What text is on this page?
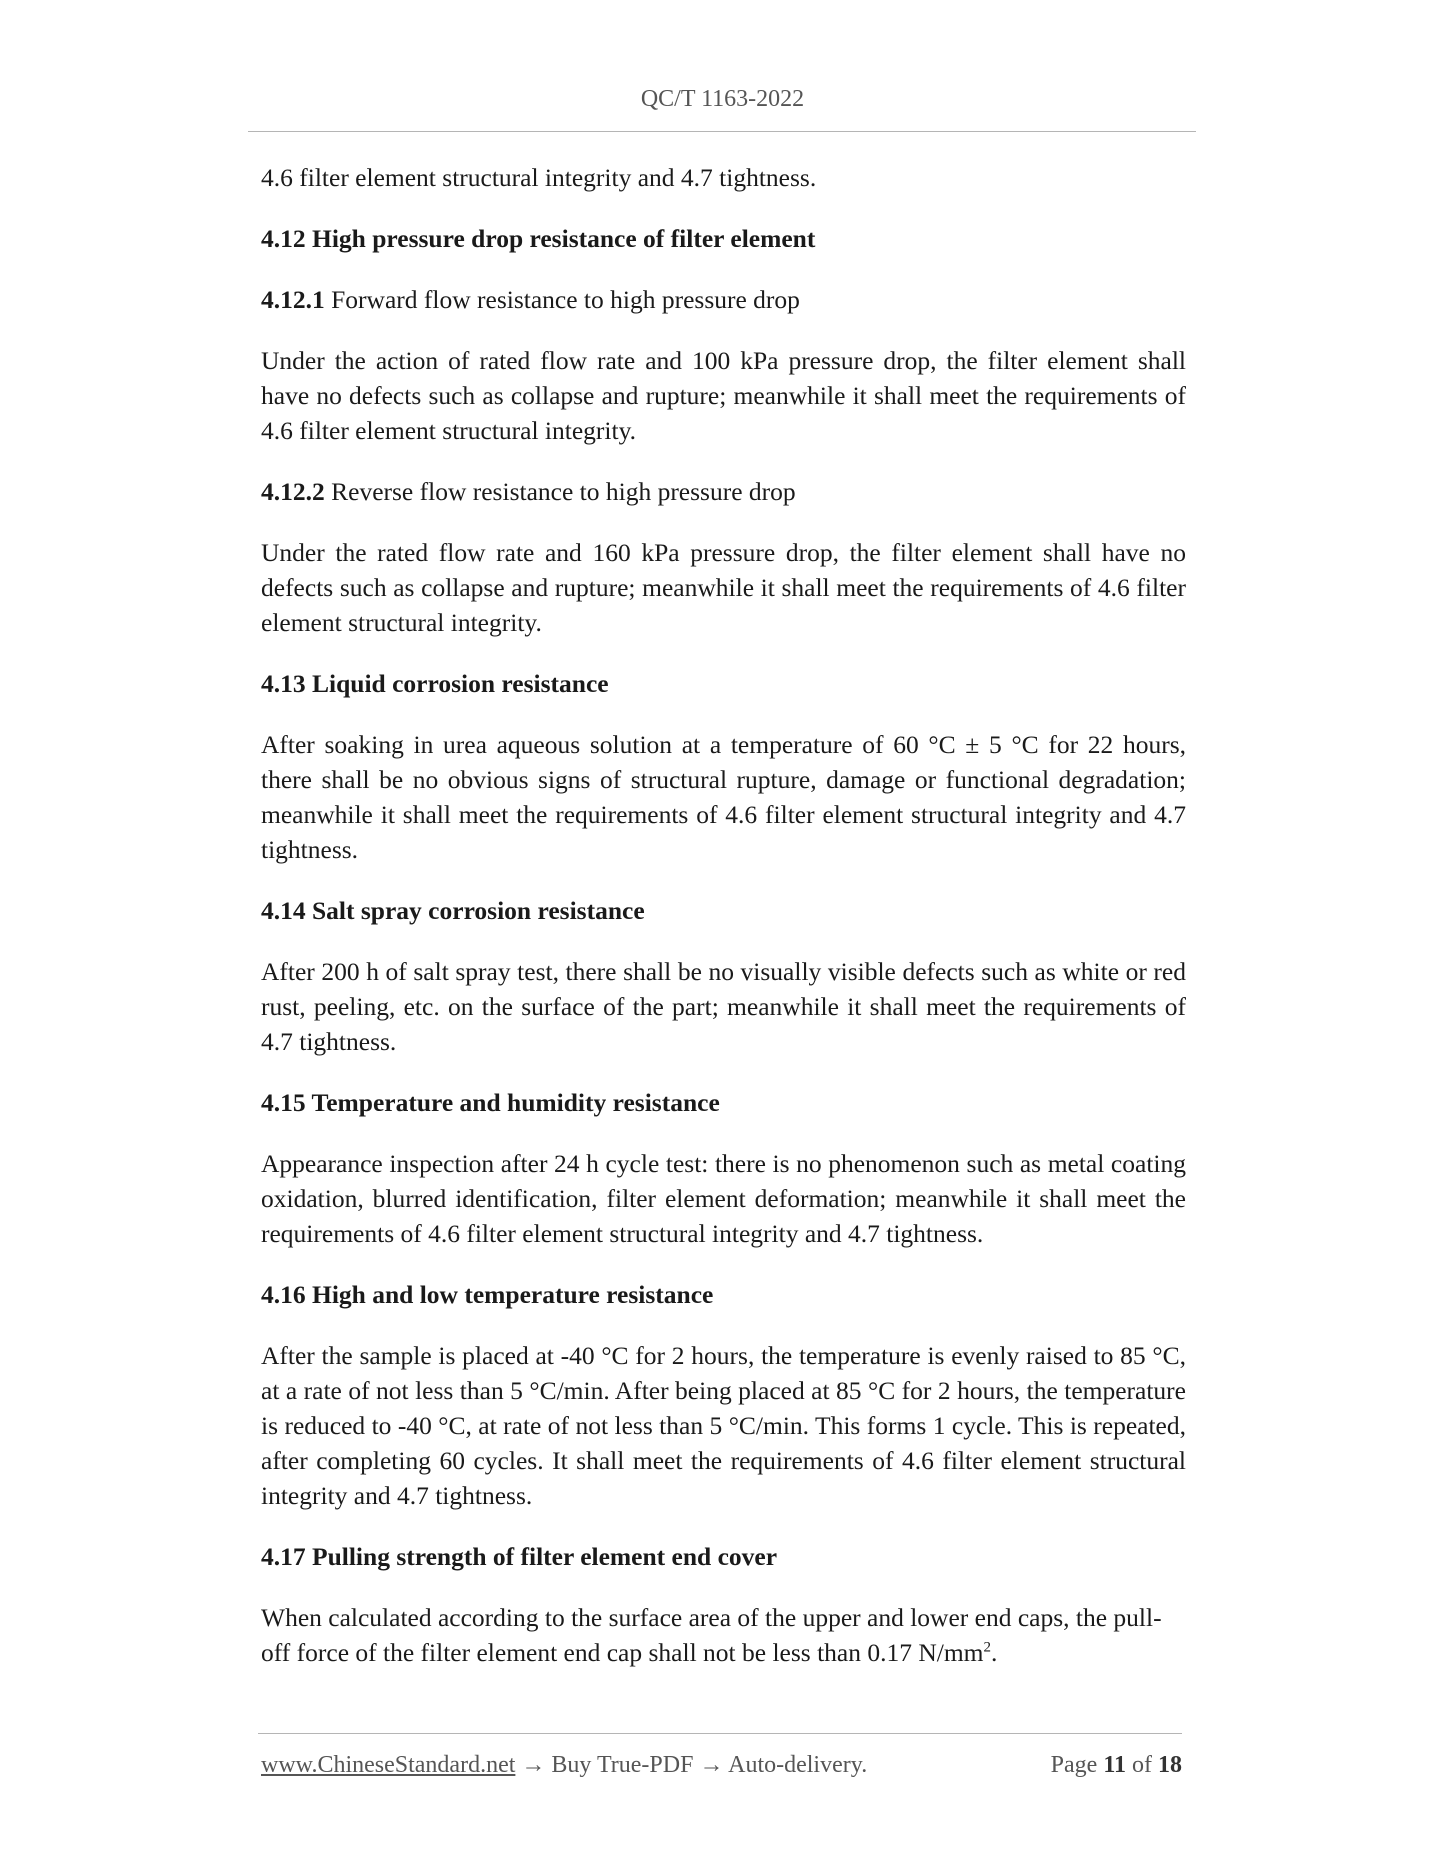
QC/T 1163-2022

4.6 filter element structural integrity and 4.7 tightness.

4.12 High pressure drop resistance of filter element

4.12.1 Forward flow resistance to high pressure drop

Under the action of rated flow rate and 100 kPa pressure drop, the filter element shall have no defects such as collapse and rupture; meanwhile it shall meet the requirements of 4.6 filter element structural integrity.

4.12.2 Reverse flow resistance to high pressure drop

Under the rated flow rate and 160 kPa pressure drop, the filter element shall have no defects such as collapse and rupture; meanwhile it shall meet the requirements of 4.6 filter element structural integrity.

4.13 Liquid corrosion resistance

After soaking in urea aqueous solution at a temperature of 60 °C ± 5 °C for 22 hours, there shall be no obvious signs of structural rupture, damage or functional degradation; meanwhile it shall meet the requirements of 4.6 filter element structural integrity and 4.7 tightness.

4.14 Salt spray corrosion resistance

After 200 h of salt spray test, there shall be no visually visible defects such as white or red rust, peeling, etc. on the surface of the part; meanwhile it shall meet the requirements of 4.7 tightness.

4.15 Temperature and humidity resistance

Appearance inspection after 24 h cycle test: there is no phenomenon such as metal coating oxidation, blurred identification, filter element deformation; meanwhile it shall meet the requirements of 4.6 filter element structural integrity and 4.7 tightness.

4.16 High and low temperature resistance

After the sample is placed at -40 °C for 2 hours, the temperature is evenly raised to 85 °C, at a rate of not less than 5 °C/min. After being placed at 85 °C for 2 hours, the temperature is reduced to -40 °C, at rate of not less than 5 °C/min. This forms 1 cycle. This is repeated, after completing 60 cycles. It shall meet the requirements of 4.6 filter element structural integrity and 4.7 tightness.

4.17 Pulling strength of filter element end cover

When calculated according to the surface area of the upper and lower end caps, the pull-off force of the filter element end cap shall not be less than 0.17 $N/mm^2$.

www.ChineseStandard.net → Buy True-PDF → Auto-delivery.	Page 11 of 18
